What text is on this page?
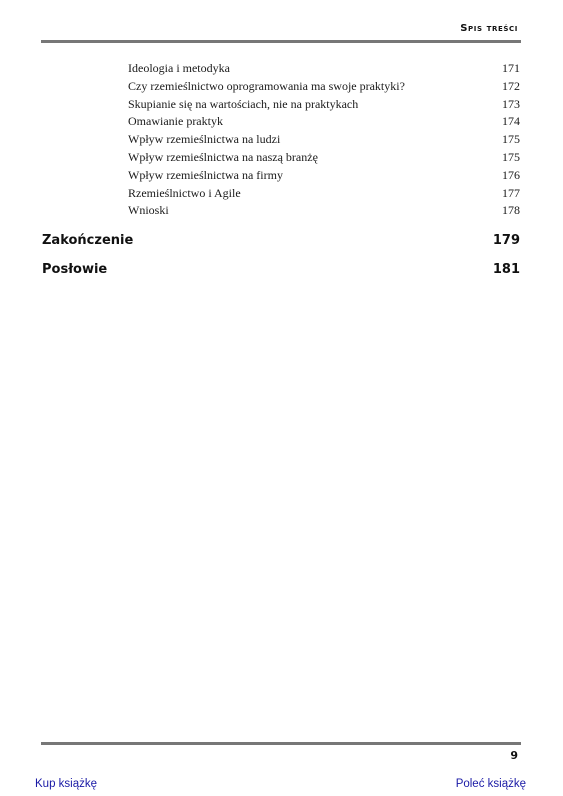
Spis treści
Ideologia i metodyka	171
Czy rzemieślnictwo oprogramowania ma swoje praktyki?	172
Skupianie się na wartościach, nie na praktykach	173
Omawianie praktyk	174
Wpływ rzemieślnictwa na ludzi	175
Wpływ rzemieślnictwa na naszą branżę	175
Wpływ rzemieślnictwa na firmy	176
Rzemieślnictwo i Agile	177
Wnioski	178
Zakończenie	179
Posłowie	181
9
Kup książkę	Poleć książkę
